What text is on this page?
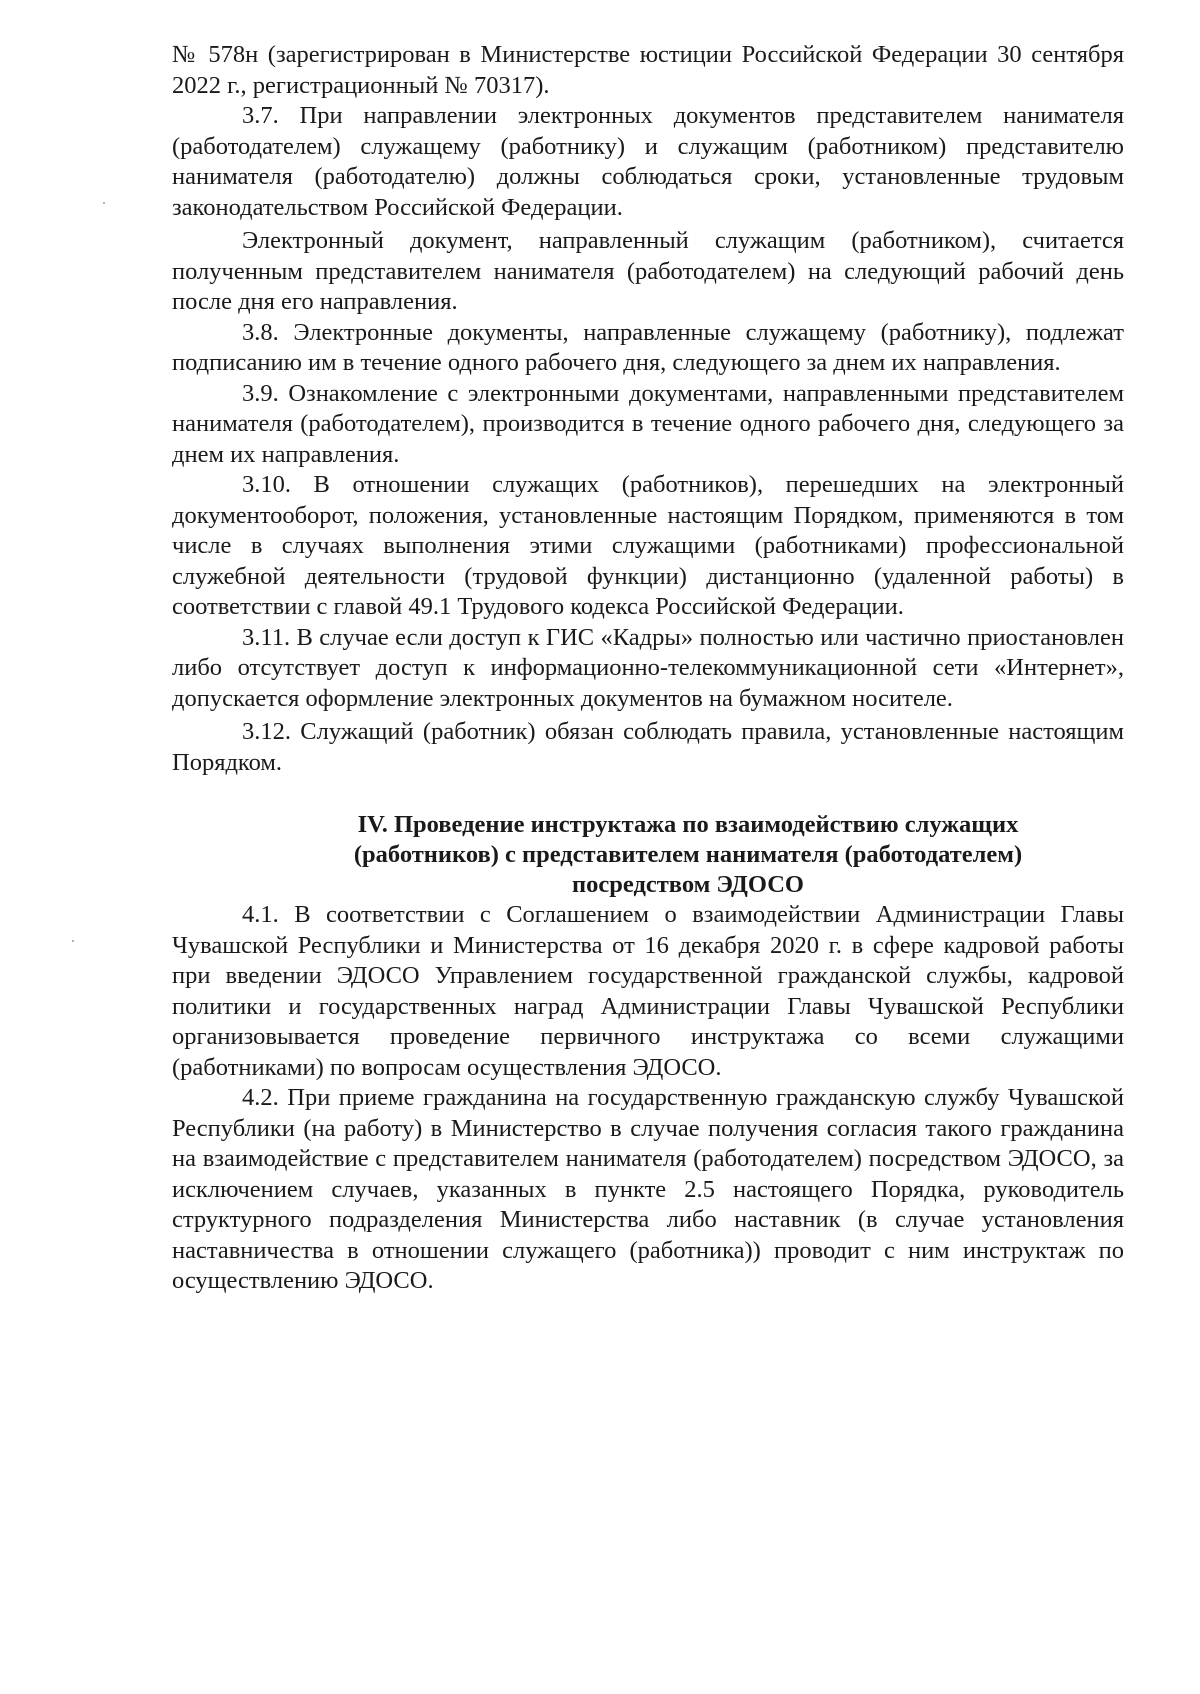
№ 578н (зарегистрирован в Министерстве юстиции Российской Федерации 30 сентября 2022 г., регистрационный № 70317).

3.7. При направлении электронных документов представителем нанимателя (работодателем) служащему (работнику) и служащим (работником) представителю нанимателя (работодателю) должны соблюдаться сроки, установленные трудовым законодательством Российской Федерации.

Электронный документ, направленный служащим (работником), считается полученным представителем нанимателя (работодателем) на следующий рабочий день после дня его направления.

3.8. Электронные документы, направленные служащему (работнику), подлежат подписанию им в течение одного рабочего дня, следующего за днем их направления.

3.9. Ознакомление с электронными документами, направленными представителем нанимателя (работодателем), производится в течение одного рабочего дня, следующего за днем их направления.

3.10. В отношении служащих (работников), перешедших на электронный документооборот, положения, установленные настоящим Порядком, применяются в том числе в случаях выполнения этими служащими (работниками) профессиональной служебной деятельности (трудовой функции) дистанционно (удаленной работы) в соответствии с главой 49.1 Трудового кодекса Российской Федерации.

3.11. В случае если доступ к ГИС «Кадры» полностью или частично приостановлен либо отсутствует доступ к информационно-телекоммуникационной сети «Интернет», допускается оформление электронных документов на бумажном носителе.

3.12. Служащий (работник) обязан соблюдать правила, установленные настоящим Порядком.

IV. Проведение инструктажа по взаимодействию служащих (работников) с представителем нанимателя (работодателем) посредством ЭДОСО

4.1. В соответствии с Соглашением о взаимодействии Администрации Главы Чувашской Республики и Министерства от 16 декабря 2020 г. в сфере кадровой работы при введении ЭДОСО Управлением государственной гражданской службы, кадровой политики и государственных наград Администрации Главы Чувашской Республики организовывается проведение первичного инструктажа со всеми служащими (работниками) по вопросам осуществления ЭДОСО.

4.2. При приеме гражданина на государственную гражданскую службу Чувашской Республики (на работу) в Министерство в случае получения согласия такого гражданина на взаимодействие с представителем нанимателя (работодателем) посредством ЭДОСО, за исключением случаев, указанных в пункте 2.5 настоящего Порядка, руководитель структурного подразделения Министерства либо наставник (в случае установления наставничества в отношении служащего (работника)) проводит с ним инструктаж по осуществлению ЭДОСО.
